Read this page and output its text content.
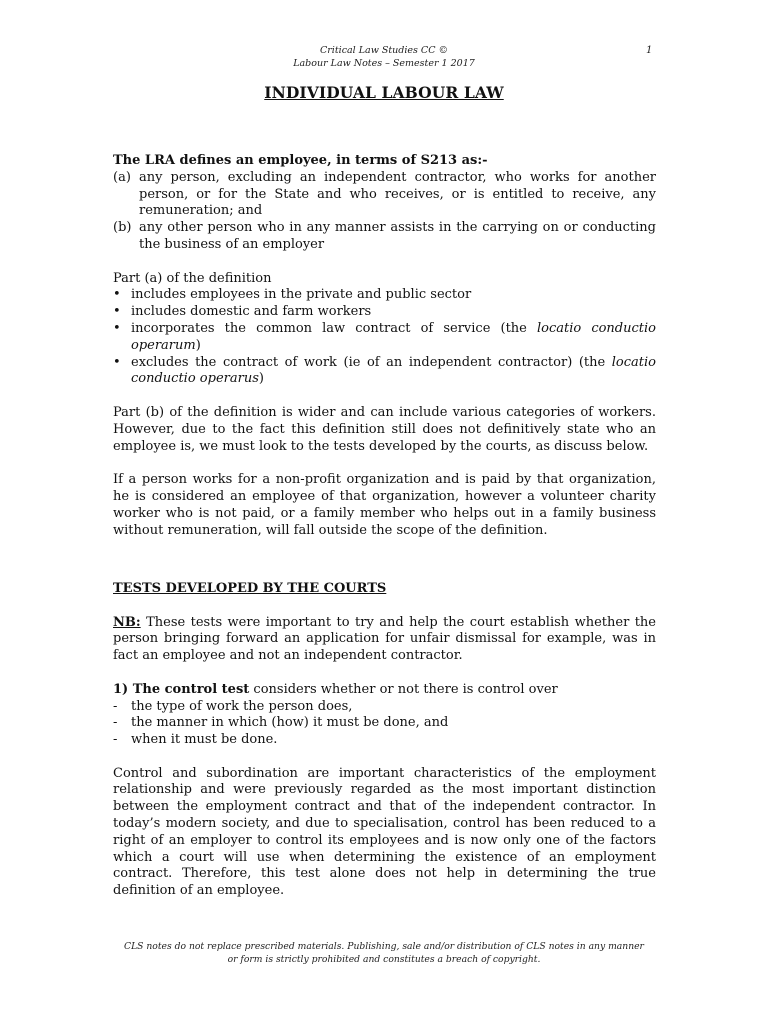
Critical Law Studies CC ©
Labour Law Notes – Semester 1 2017
1
INDIVIDUAL LABOUR LAW

The LRA defines an employee, in terms of S213 as:-

(a) any person, excluding an independent contractor, who works for another person, or for the State and who receives, or is entitled to receive, any remuneration; and
(b) any other person who in any manner assists in the carrying on or conducting the business of an employer

Part (a) of the definition

• includes employees in the private and public sector
• includes domestic and farm workers
• incorporates the common law contract of service (the locatio conductio operarum)
• excludes the contract of work (ie of an independent contractor) (the locatio conductio operarus)

Part (b) of the definition is wider and can include various categories of workers. However, due to the fact this definition still does not definitively state who an employee is, we must look to the tests developed by the courts, as discuss below.

If a person works for a non-profit organization and is paid by that organization, he is considered an employee of that organization, however a volunteer charity worker who is not paid, or a family member who helps out in a family business without remuneration, will fall outside the scope of the definition.

TESTS DEVELOPED BY THE COURTS

NB: These tests were important to try and help the court establish whether the person bringing forward an application for unfair dismissal for example, was in fact an employee and not an independent contractor.

1) The control test considers whether or not there is control over

-	the type of work the person does,
-	the manner in which (how) it must be done, and
-	when it must be done.

Control and subordination are important characteristics of the employment relationship and were previously regarded as the most important distinction between the employment contract and that of the independent contractor. In today’s modern society, and due to specialisation, control has been reduced to a right of an employer to control its employees and is now only one of the factors which a court will use when determining the existence of an employment contract. Therefore, this test alone does not help in determining the true definition of an employee.

CLS notes do not replace prescribed materials. Publishing, sale and/or distribution of CLS notes in any manner
or form is strictly prohibited and constitutes a breach of copyright.
